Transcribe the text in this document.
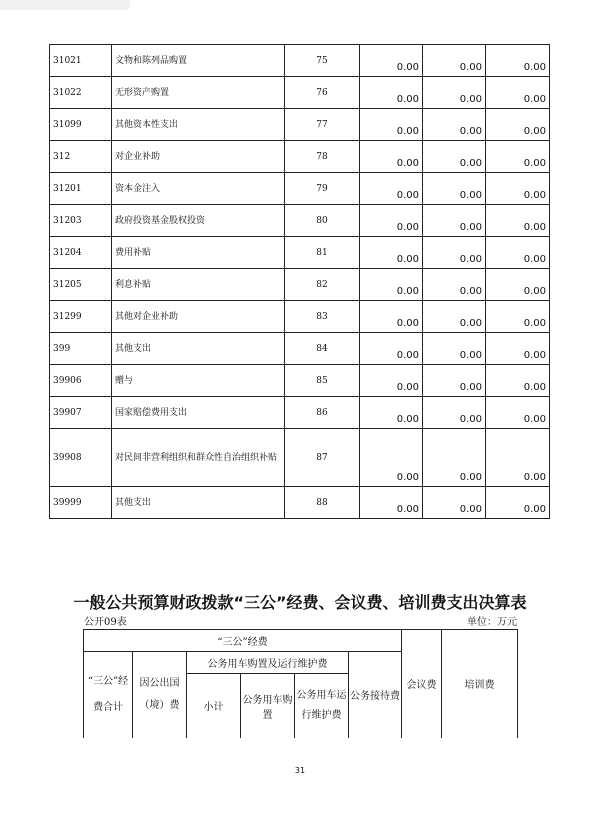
31021	文物和陈列品购置	75	0.00	0.00	0.00
31022	无形资产购置	76	0.00	0.00	0.00
31099	其他资本性支出	77	0.00	0.00	0.00
312	对企业补助	78	0.00	0.00	0.00
31201	资本金注入	79	0.00	0.00	0.00
31203	政府投资基金股权投资	80	0.00	0.00	0.00
31204	费用补贴	81	0.00	0.00	0.00
31205	利息补贴	82	0.00	0.00	0.00
31299	其他对企业补助	83	0.00	0.00	0.00
399	其他支出	84	0.00	0.00	0.00
39906	赠与	85	0.00	0.00	0.00
39907	国家赔偿费用支出	86	0.00	0.00	0.00
39908	对民间非营利组织和群众性自治组织补贴	87	0.00	0.00	0.00
39999	其他支出	88	0.00	0.00	0.00
一般公共预算财政拨款“三公”经费、会议费、培训费支出决算表
公开09表	单位：万元
“三公”经费						会议费	培训费
“三公”经费合计	因公出国（境）费	公务用车购置及运行维护费			公务接待费		
		小计	公务用车购置	公务用车运行维护费			

31
